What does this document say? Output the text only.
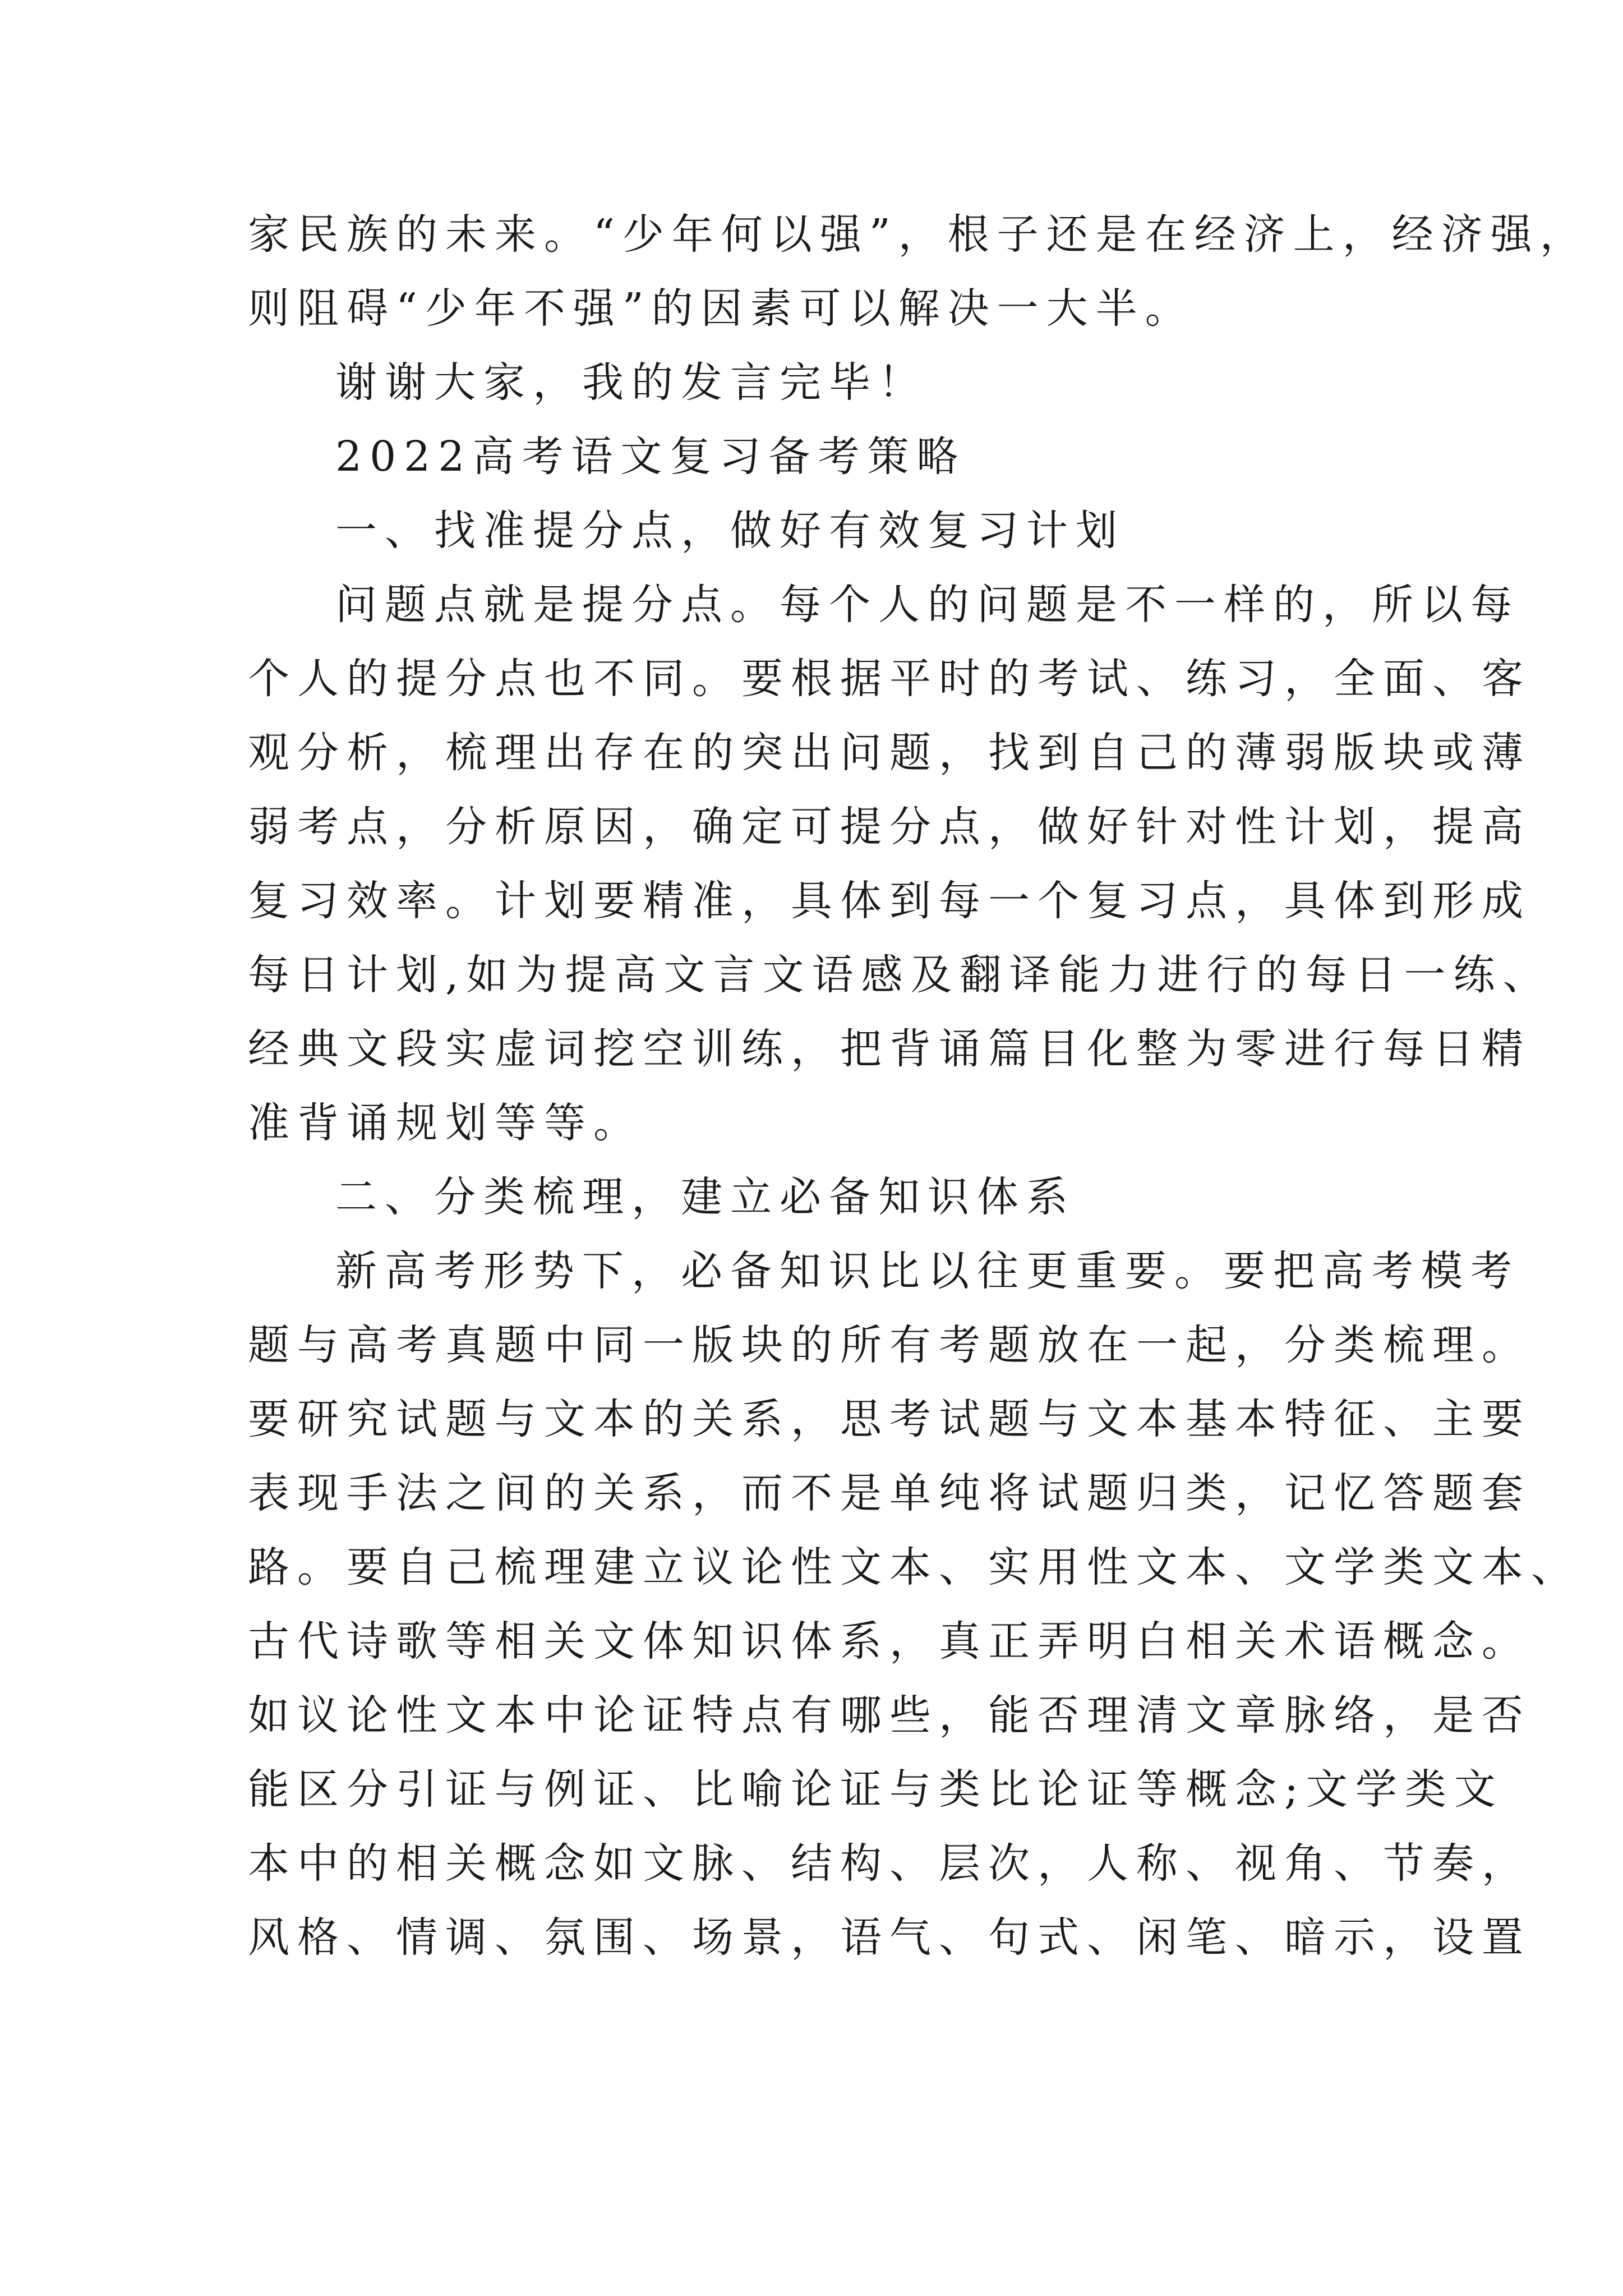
家民族的未来。“少年何以强”，根子还是在经济上，经济强，
则阻碍“少年不强”的因素可以解决一大半。
谢谢大家，我的发言完毕！
2022高考语文复习备考策略
一、找准提分点，做好有效复习计划
问题点就是提分点。每个人的问题是不一样的，所以每
个人的提分点也不同。要根据平时的考试、练习，全面、客
观分析，梳理出存在的突出问题，找到自己的薄弱版块或薄
弱考点，分析原因，确定可提分点，做好针对性计划，提高
复习效率。计划要精准，具体到每一个复习点，具体到形成
每日计划,如为提高文言文语感及翻译能力进行的每日一练、
经典文段实虚词挖空训练，把背诵篇目化整为零进行每日精
准背诵规划等等。
二、分类梳理，建立必备知识体系
新高考形势下，必备知识比以往更重要。要把高考模考
题与高考真题中同一版块的所有考题放在一起，分类梳理。
要研究试题与文本的关系，思考试题与文本基本特征、主要
表现手法之间的关系，而不是单纯将试题归类，记忆答题套
路。要自己梳理建立议论性文本、实用性文本、文学类文本、
古代诗歌等相关文体知识体系，真正弄明白相关术语概念。
如议论性文本中论证特点有哪些，能否理清文章脉络，是否
能区分引证与例证、比喻论证与类比论证等概念;文学类文
本中的相关概念如文脉、结构、层次，人称、视角、节奏，
风格、情调、氛围、场景，语气、句式、闲笔、暗示，设置
